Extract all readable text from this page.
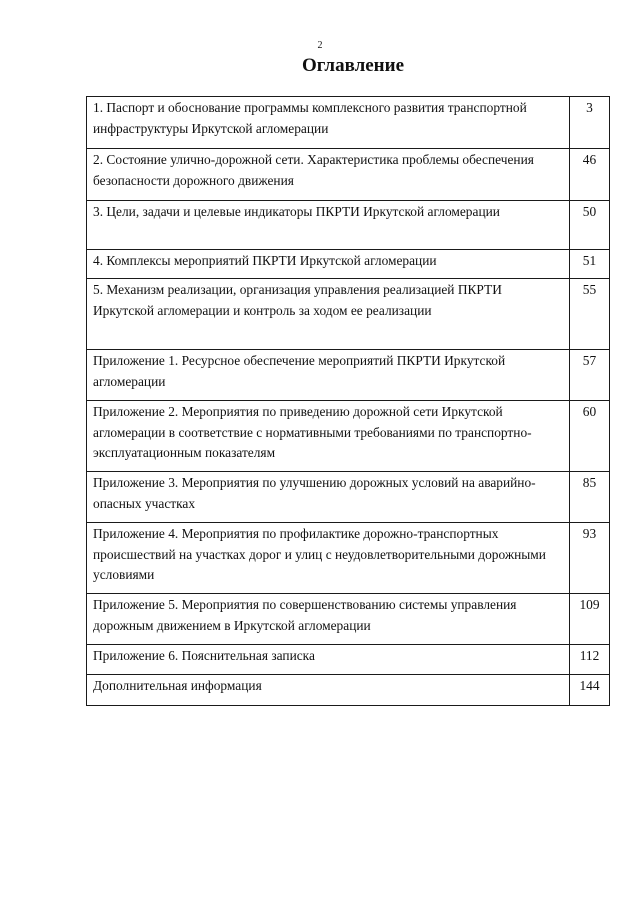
2
Оглавление
1. Паспорт и обоснование программы комплексного развития транспортной инфраструктуры Иркутской агломерации	3
2. Состояние улично-дорожной сети. Характеристика проблемы обеспечения безопасности дорожного движения	46
3. Цели, задачи и целевые индикаторы ПКРТИ Иркутской агломерации	50
4. Комплексы мероприятий ПКРТИ Иркутской агломерации	51
5. Механизм реализации, организация управления реализацией ПКРТИ Иркутской агломерации и контроль за ходом ее реализации	55
Приложение 1. Ресурсное обеспечение мероприятий ПКРТИ Иркутской агломерации	57
Приложение 2. Мероприятия по приведению дорожной сети Иркутской агломерации в соответствие с нормативными требованиями по транспортно-эксплуатационным показателям	60
Приложение 3. Мероприятия по улучшению дорожных условий на аварийно-опасных участках	85
Приложение 4. Мероприятия по профилактике дорожно-транспортных происшествий на участках дорог и улиц с неудовлетворительными дорожными условиями	93
Приложение 5. Мероприятия по совершенствованию системы управления дорожным движением в Иркутской агломерации	109
Приложение 6. Пояснительная записка	112
Дополнительная информация	144
